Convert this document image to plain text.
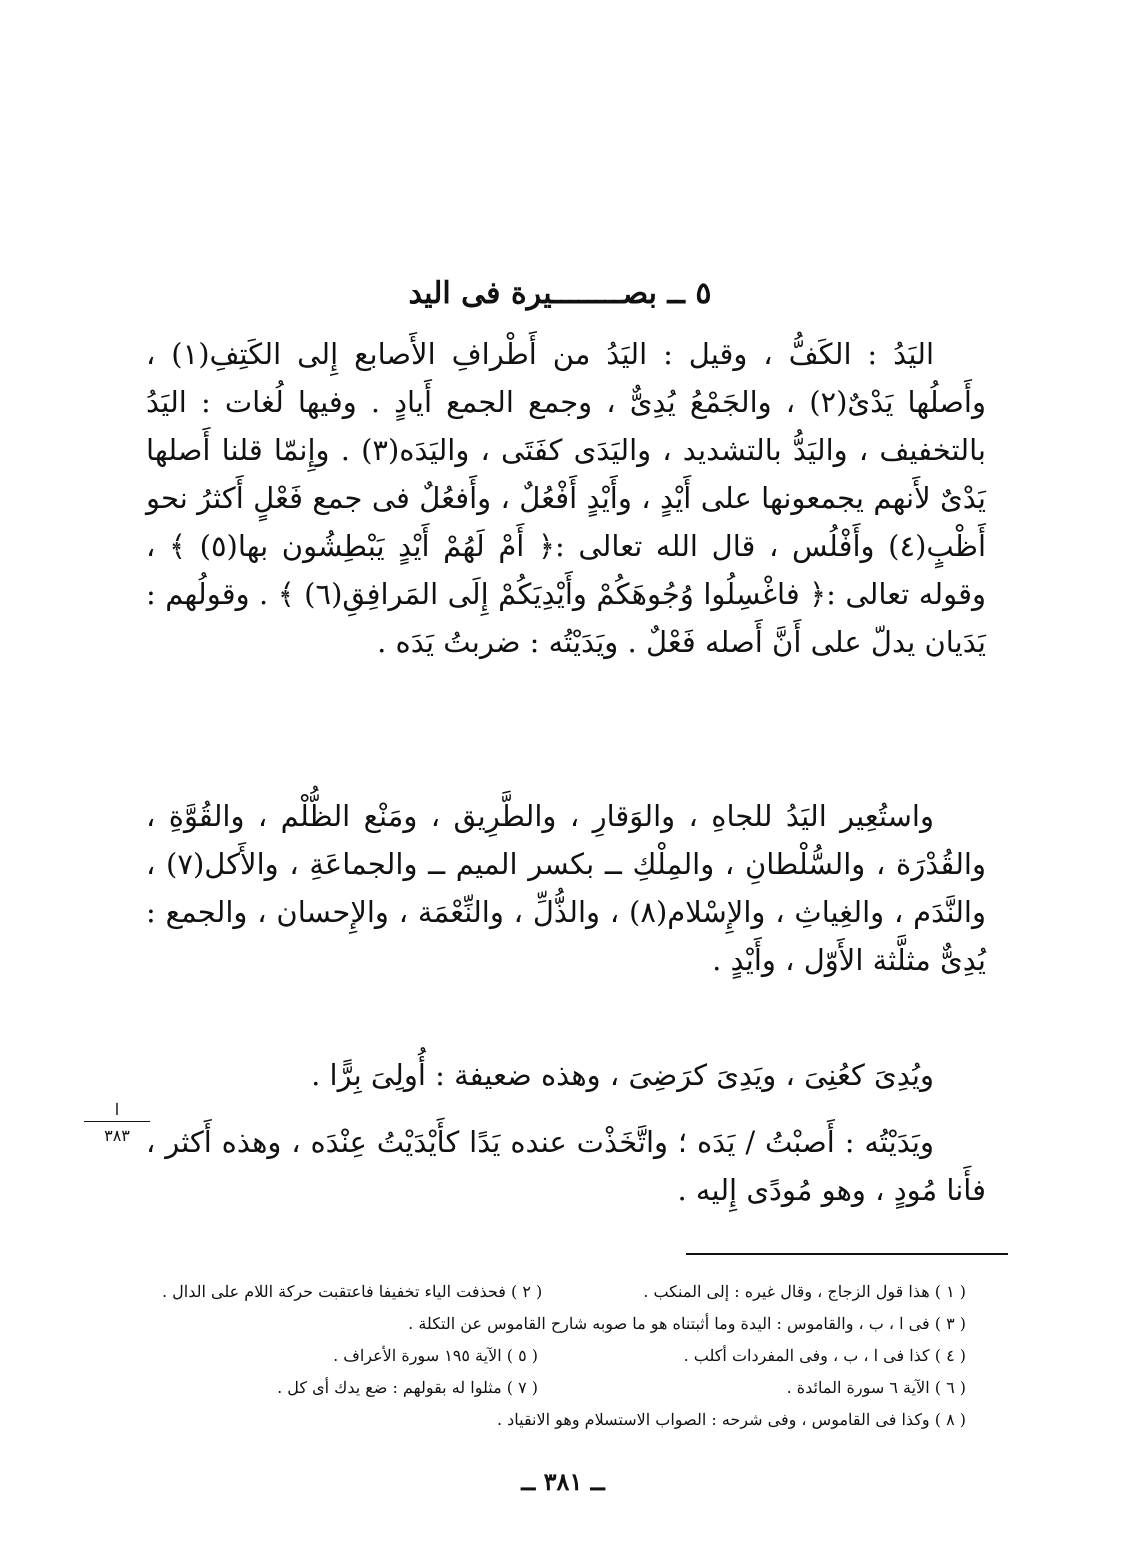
٥ ــ بصــــــــيرة فى اليد
اليَدُ : الكَفُّ ، وقيل : اليَدُ من أَطْرافِ الأَصابع إِلى الكَتِفِ(١) ، وأَصلُها يَدْىٌ(٢) ، والجَمْعُ يُدِىٌّ ، وجمع الجمع أَيادٍ . وفيها لُغات : اليَدُ بالتخفيف ، واليَدُّ بالتشديد ، واليَدَى كفَتَى ، واليَدَه(٣) . وإِنمّا قلنا أَصلها يَدْىٌ لأَنهم يجمعونها على أَيْدٍ ، وأَيْدٍ أَفْعُلٌ ، وأَفعُلٌ فى جمع فَعْلٍ أَكثرُ نحو أَظْبٍ(٤) وأَفْلُس ، قال الله تعالى :﴿ أَمْ لَهُمْ أَيْدٍ يَبْطِشُون بها(٥) ﴾ ، وقوله تعالى :﴿ فاغْسِلُوا وُجُوهَكُمْ وأَيْدِيَكُمْ إِلَى المَرافِقِ(٦) ﴾ . وقولُهم : يَدَيان يدلّ على أَنَّ أَصله فَعْلٌ . ويَدَيْتُه : ضربتُ يَدَه .
واستُعِير اليَدُ للجاهِ ، والوَقارِ ، والطَّرِيق ، ومَنْع الظُّلْم ، والقُوَّةِ ، والقُدْرَة ، والسُّلْطانِ ، والمِلْكِ ــ بكسر الميم ــ والجماعَةِ ، والأَكل(٧) ، والنَّدَم ، والغِياثِ ، والإِسْلام(٨) ، والذُّلِّ ، والنِّعْمَة ، والإِحسان ، والجمع : يُدِىٌّ مثلَّثة الأَوّل ، وأَيْدٍ .
ويُدِىَ كعُنِىَ ، ويَدِىَ كرَضِىَ ، وهذه ضعيفة : أُولِىَ بِرًّا .
ويَدَيْتُه : أَصبْتُ / يَدَه ؛ واتَّخَذْت عنده يَدًا كأَيْدَيْتُ عِنْدَه ، وهذه أَكثر ، فأَنا مُودٍ ، وهو مُودًى إِليه .
ا
٣٨٣
( ١ ) هذا قول الزجاج ، وقال غيره : إلى المنكب .
( ٢ ) فحذفت الياء تخفيفا فاعتقبت حركة اللام على الدال .
( ٣ ) فى ا ، ب ، والقاموس : اليدة وما أثبتناه هو ما صوبه شارح القاموس عن التكلة .
( ٤ ) كذا فى ا ، ب ، وفى المفردات أكلب .
( ٥ ) الآية ١٩٥ سورة الأعراف .
( ٦ ) الآية ٦ سورة المائدة .
( ٧ ) مثلوا له بقولهم : ضع يدك أى كل .
( ٨ ) وكذا فى القاموس ، وفى شرحه : الصواب الاستسلام وهو الانقياد .
ــ ٣٨١ ــ
